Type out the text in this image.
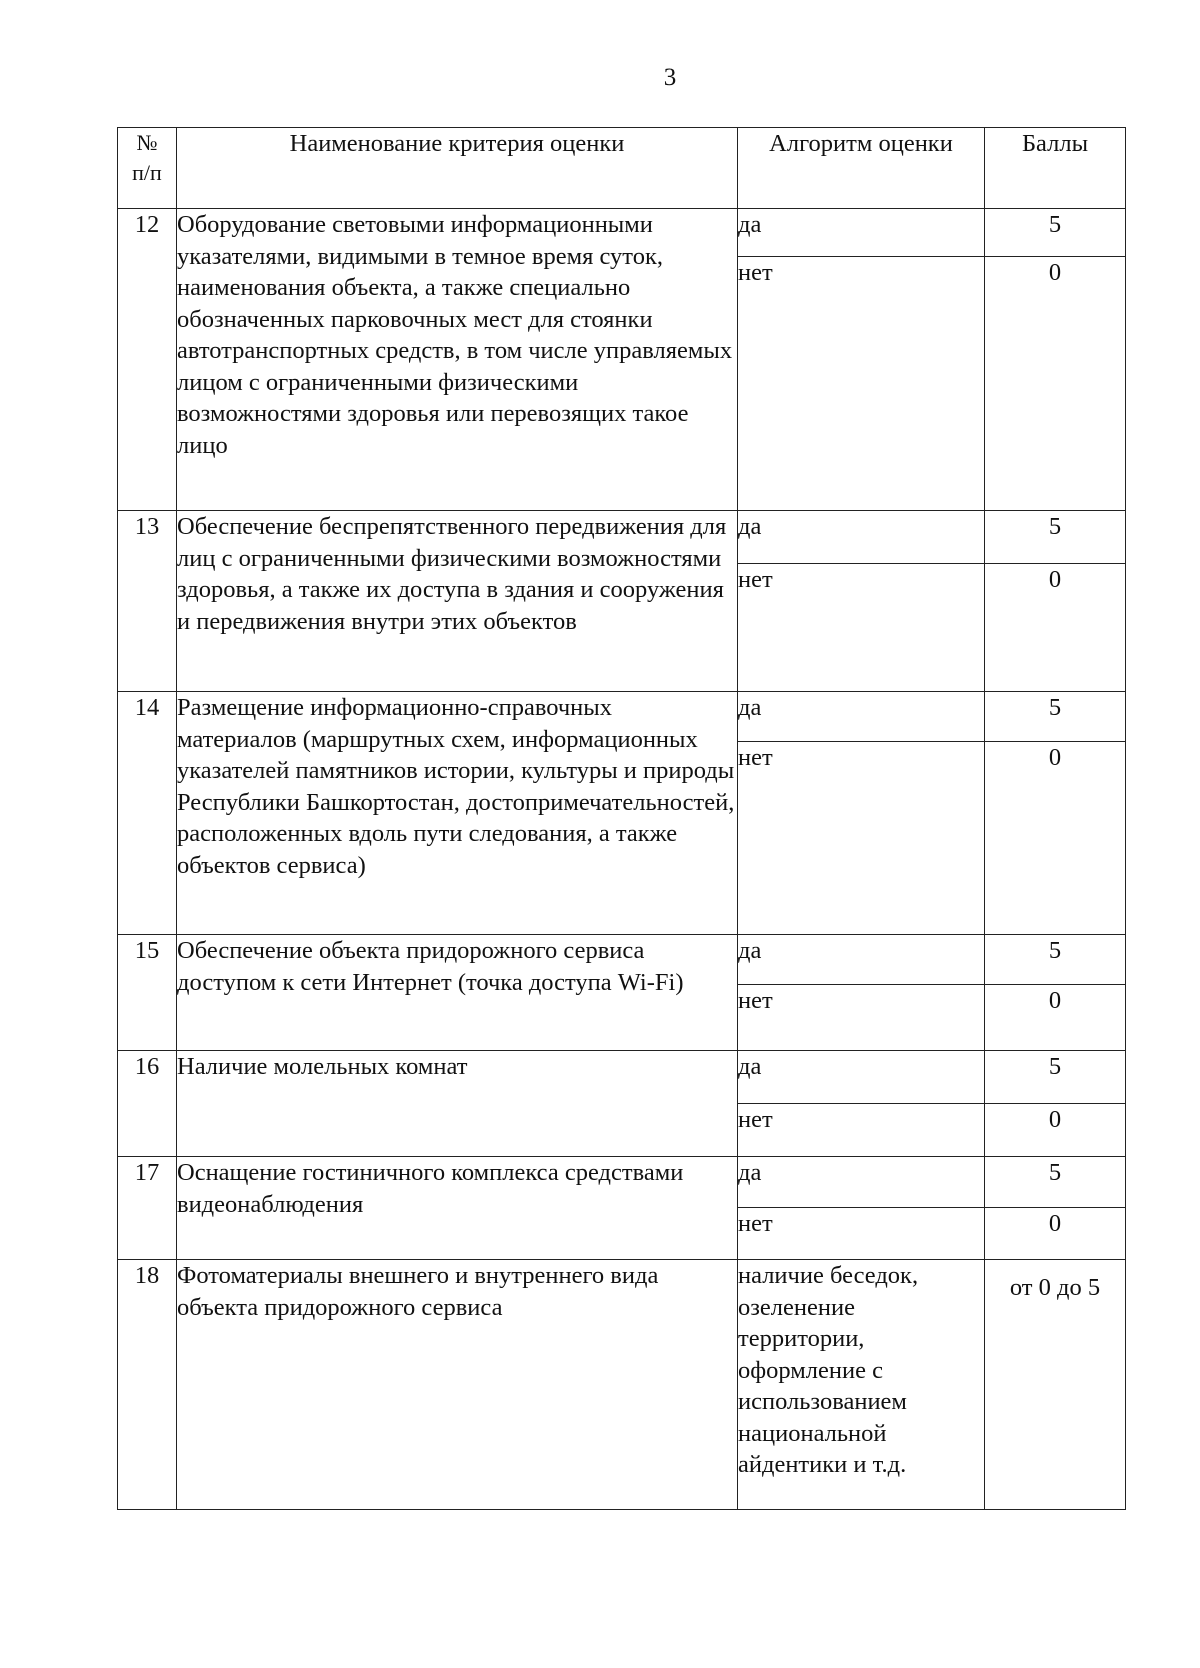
3
№
п/п	Наименование критерия оценки	Алгоритм оценки	Баллы

12	Оборудование световыми информационными указателями, видимыми в темное время суток, наименования объекта, а также специально обозначенных парковочных мест для стоянки автотранспортных средств, в том числе управляемых лицом с ограниченными физическими возможностями здоровья или перевозящих такое лицо	да	5
		нет	0
13	Обеспечение беспрепятственного передвижения для лиц с ограниченными физическими возможностями здоровья, а также их доступа в здания и сооружения и передвижения внутри этих объектов	да	5
		нет	0
14	Размещение информационно-справочных материалов (маршрутных схем, информационных указателей памятников истории, культуры и природы Республики Башкортостан, достопримечательностей, расположенных вдоль пути следования, а также объектов сервиса)	да	5
		нет	0
15	Обеспечение объекта придорожного сервиса доступом к сети Интернет (точка доступа Wi-Fi)	да	5
		нет	0
16	Наличие молельных комнат	да	5
		нет	0
17	Оснащение гостиничного комплекса средствами видеонаблюдения	да	5
		нет	0
18	Фотоматериалы внешнего и внутреннего вида объекта придорожного сервиса	наличие беседок, озеленение территории, оформление с использованием национальной айдентики и т.д.	от 0 до 5
